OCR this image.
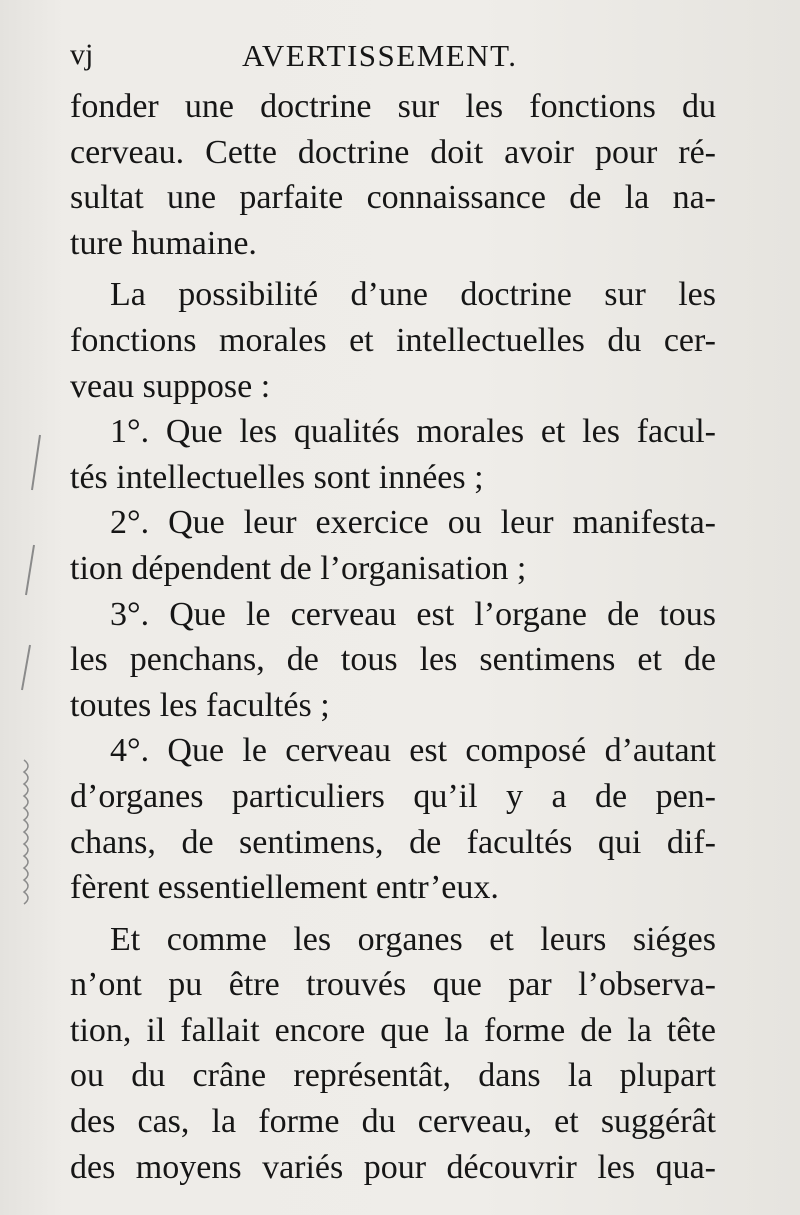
vj	AVERTISSEMENT.
fonder une doctrine sur les fonctions du
cerveau. Cette doctrine doit avoir pour ré-
sultat une parfaite connaissance de la na-
ture humaine.
La possibilité d’une doctrine sur les
fonctions morales et intellectuelles du cer-
veau suppose :
1°. Que les qualités morales et les facul-
tés intellectuelles sont innées ;
2°. Que leur exercice ou leur manifesta-
tion dépendent de l’organisation ;
3°. Que le cerveau est l’organe de tous
les penchans, de tous les sentimens et de
toutes les facultés ;
4°. Que le cerveau est composé d’autant
d’organes particuliers qu’il y a de pen-
chans, de sentimens, de facultés qui dif-
fèrent essentiellement entr’eux.
Et comme les organes et leurs siéges
n’ont pu être trouvés que par l’observa-
tion, il fallait encore que la forme de la tête
ou du crâne représentât, dans la plupart
des cas, la forme du cerveau, et suggérât
des moyens variés pour découvrir les qua-
